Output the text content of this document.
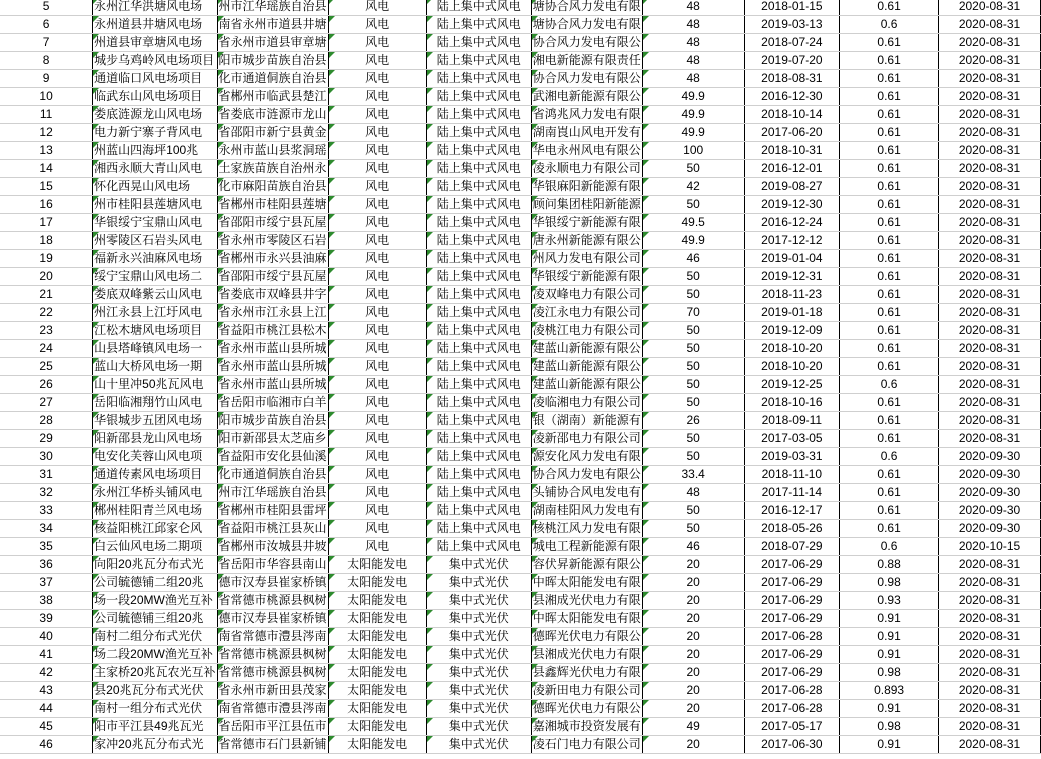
5	永州江华洪塘风电场	州市江华瑶族自治县	风电	陆上集中式风电	塘协合风力发电有限	48	2018-01-15	0.61	2020-08-31
6	永州道县井塘风电场	南省永州市道县井塘	风电	陆上集中式风电	塘协合风力发电有限	48	2019-03-13	0.6	2020-08-31
7	州道县审章塘风电场	省永州市道县审章塘	风电	陆上集中式风电	协合风力发电有限公	48	2018-07-24	0.61	2020-08-31
8	城步乌鸡岭风电场项目	阳市城步苗族自治县	风电	陆上集中式风电	湘电新能源有限责任	48	2019-07-20	0.61	2020-08-31
9	通道临口风电场项目	化市通道侗族自治县	风电	陆上集中式风电	协合风力发电有限公	48	2018-08-31	0.61	2020-08-31
10	临武东山风电场项目	省郴州市临武县楚江	风电	陆上集中式风电	武湘电新能源有限公	49.9	2016-12-30	0.61	2020-08-31
11	娄底涟源龙山风电场	省娄底市涟源市龙山	风电	陆上集中式风电	省鸿兆风力发电有限	49.9	2018-10-14	0.61	2020-08-31
12	电力新宁寨子背风电	省邵阳市新宁县黄金	风电	陆上集中式风电	湖南崀山风电开发有	49.9	2017-06-20	0.61	2020-08-31
13	州蓝山四海坪100兆	永州市蓝山县浆洞瑶	风电	陆上集中式风电	华电永州风电有限公	100	2018-10-31	0.61	2020-08-31
14	湘西永顺大青山风电	土家族苗族自治州永	风电	陆上集中式风电	凌永顺电力有限公司	50	2016-12-01	0.61	2020-08-31
15	怀化西晃山风电场	化市麻阳苗族自治县	风电	陆上集中式风电	华银麻阳新能源有限	42	2019-08-27	0.61	2020-08-31
16	州市桂阳县莲塘风电	省郴州市桂阳县莲塘	风电	陆上集中式风电	顾问集团桂阳新能源	50	2019-12-30	0.61	2020-08-31
17	华银绥宁宝鼎山风电	省邵阳市绥宁县瓦屋	风电	陆上集中式风电	华银绥宁新能源有限	49.5	2016-12-24	0.61	2020-08-31
18	州零陵区石岩头风电	省永州市零陵区石岩	风电	陆上集中式风电	唐永州新能源有限公	49.9	2017-12-12	0.61	2020-08-31
19	福新永兴油麻风电场	省郴州市永兴县油麻	风电	陆上集中式风电	州风力发电有限公司	46	2019-01-04	0.61	2020-08-31
20	绥宁宝鼎山风电场二	省邵阳市绥宁县瓦屋	风电	陆上集中式风电	华银绥宁新能源有限	50	2019-12-31	0.61	2020-08-31
21	娄底双峰紫云山风电	省娄底市双峰县井字	风电	陆上集中式风电	凌双峰电力有限公司	50	2018-11-23	0.61	2020-08-31
22	州江永县上江圩风电	省永州市江永县上江	风电	陆上集中式风电	凌江永电力有限公司	70	2019-01-18	0.61	2020-08-31
23	江松木塘风电场项目	省益阳市桃江县松木	风电	陆上集中式风电	凌桃江电力有限公司	50	2019-12-09	0.61	2020-08-31
24	山县塔峰镇风电场一	省永州市蓝山县所城	风电	陆上集中式风电	建蓝山新能源有限公	50	2018-10-20	0.61	2020-08-31
25	蓝山大桥风电场一期	省永州市蓝山县所城	风电	陆上集中式风电	建蓝山新能源有限公	50	2018-10-20	0.61	2020-08-31
26	山十里冲50兆瓦风电	省永州市蓝山县所城	风电	陆上集中式风电	建蓝山新能源有限公	50	2019-12-25	0.6	2020-08-31
27	岳阳临湘翔竹山风电	省岳阳市临湘市白羊	风电	陆上集中式风电	凌临湘电力有限公司	50	2018-10-16	0.61	2020-08-31
28	华银城步五团风电场	阳市城步苗族自治县	风电	陆上集中式风电	银（湖南）新能源有	26	2018-09-11	0.61	2020-08-31
29	阳新邵县龙山风电场	阳市新邵县太芝庙乡	风电	陆上集中式风电	凌新邵电力有限公司	50	2017-03-05	0.61	2020-08-31
30	电安化芙蓉山风电项	省益阳市安化县仙溪	风电	陆上集中式风电	源安化风力发电有限	50	2019-03-31	0.6	2020-09-30
31	通道传素风电场项目	化市通道侗族自治县	风电	陆上集中式风电	协合风力发电有限公	33.4	2018-11-10	0.61	2020-09-30
32	永州江华桥头铺风电	州市江华瑶族自治县	风电	陆上集中式风电	头铺协合风电发电有	48	2017-11-14	0.61	2020-09-30
33	郴州桂阳青兰风电场	省郴州市桂阳县雷坪	风电	陆上集中式风电	湖南桂阳风力发电有	50	2016-12-17	0.61	2020-09-30
34	核益阳桃江邱家仑风	省益阳市桃江县灰山	风电	陆上集中式风电	核桃江风力发电有限	50	2018-05-26	0.61	2020-09-30
35	白云仙风电场二期项	省郴州市汝城县井坡	风电	陆上集中式风电	城电工程新能源有限	46	2018-07-29	0.6	2020-10-15
36	向阳20兆瓦分布式光	省岳阳市华容县南山	太阳能发电	集中式光伏	容伏昇新能源有限公	20	2017-06-29	0.88	2020-08-31
37	公司毓德铺二组20兆	德市汉寿县崔家桥镇	太阳能发电	集中式光伏	中晖太阳能发电有限	20	2017-06-29	0.98	2020-08-31
38	场一段20MW渔光互补	省常德市桃源县枫树	太阳能发电	集中式光伏	县湘成光伏电力有限	20	2017-06-29	0.93	2020-08-31
39	公司毓德铺三组20兆	德市汉寿县崔家桥镇	太阳能发电	集中式光伏	中晖太阳能发电有限	20	2017-06-29	0.91	2020-08-31
40	南村二组分布式光伏	南省常德市澧县涔南	太阳能发电	集中式光伏	德晖光伏电力有限公	20	2017-06-28	0.91	2020-08-31
41	场二段20MW渔光互补	省常德市桃源县枫树	太阳能发电	集中式光伏	县湘成光伏电力有限	20	2017-06-29	0.91	2020-08-31
42	主家桥20兆瓦农光互补	省常德市桃源县枫树	太阳能发电	集中式光伏	县鑫辉光伏电力有限	20	2017-06-29	0.98	2020-08-31
43	县20兆瓦分布式光伏	省永州市新田县茂家	太阳能发电	集中式光伏	凌新田电力有限公司	20	2017-06-28	0.893	2020-08-31
44	南村一组分布式光伏	南省常德市澧县涔南	太阳能发电	集中式光伏	德晖光伏电力有限公	20	2017-06-28	0.91	2020-08-31
45	阳市平江县49兆瓦光	省岳阳市平江县伍市	太阳能发电	集中式光伏	嘉湘城市投资发展有	49	2017-05-17	0.98	2020-08-31
46	家冲20兆瓦分布式光	省常德市石门县新铺	太阳能发电	集中式光伏	凌石门电力有限公司	20	2017-06-30	0.91	2020-08-31
